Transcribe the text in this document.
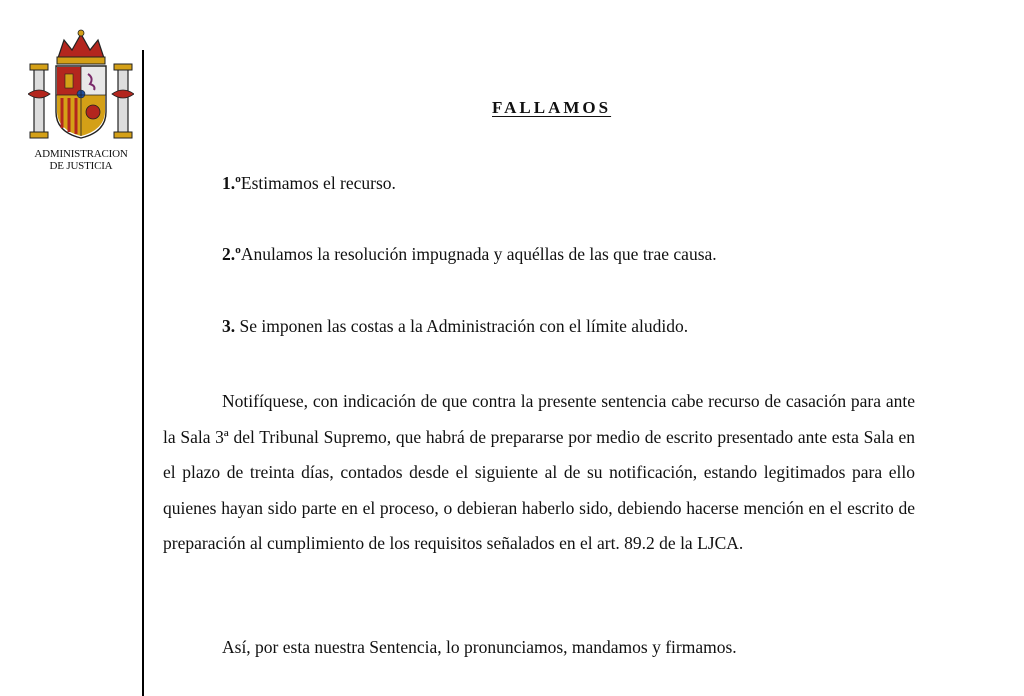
ADMINISTRACION
DE JUSTICIA
FALLAMOS
1.ºEstimamos el recurso.
2.ºAnulamos la resolución impugnada y aquéllas de las que trae causa.
3. Se imponen las costas a la Administración con el límite aludido.

Notifíquese, con indicación de que contra la presente sentencia cabe recurso de casación para ante la Sala 3ª del Tribunal Supremo, que habrá de prepararse por medio de escrito presentado ante esta Sala en el plazo de treinta días, contados desde el siguiente al de su notificación, estando legitimados para ello quienes hayan sido parte en el proceso, o debieran haberlo sido, debiendo hacerse mención en el escrito de preparación al cumplimiento de los requisitos señalados en el art. 89.2 de la LJCA.

Así, por esta nuestra Sentencia, lo pronunciamos, mandamos y firmamos.
